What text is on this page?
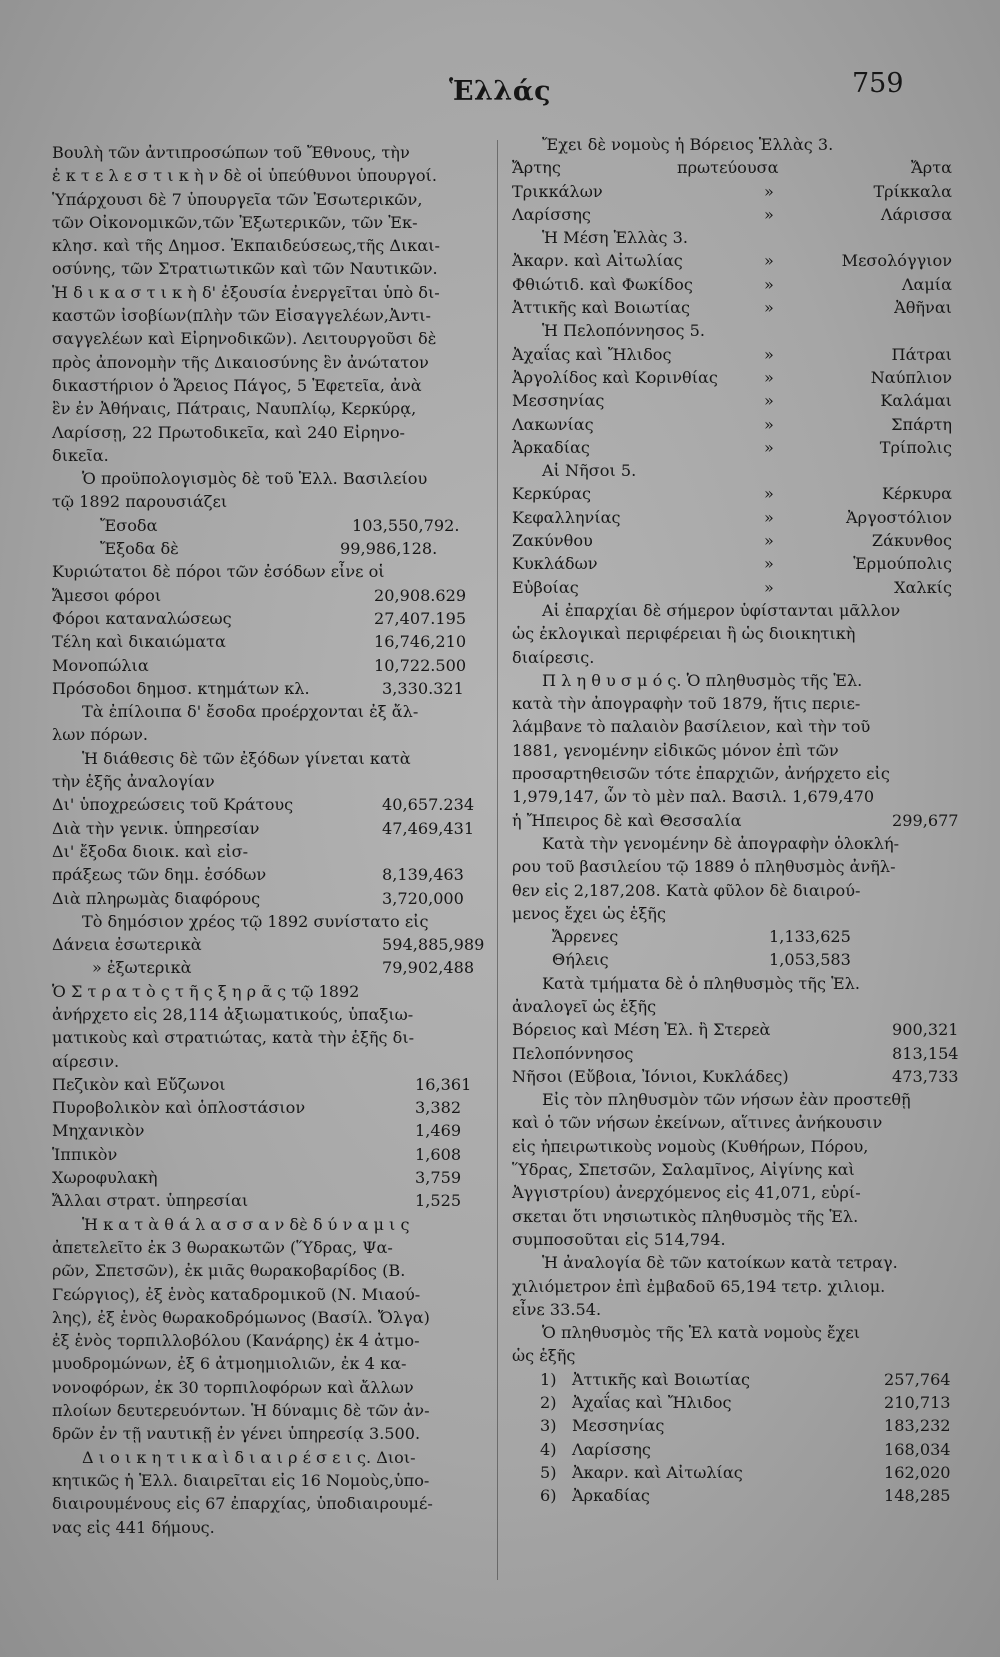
Ἑλλάς	759
Βουλὴ τῶν ἀντιπροσώπων τοῦ Ἔθνους, τὴν
ἐ κ τ ε λ ε σ τ ι κ ὴ ν δὲ οἱ ὑπεύθυνοι ὑπουργοί.
Ὑπάρχουσι δὲ 7 ὑπουργεῖα τῶν Ἐσωτερικῶν,
τῶν Οἰκονομικῶν,τῶν Ἐξωτερικῶν, τῶν Ἐκ-
κλησ. καὶ τῆς Δημοσ. Ἐκπαιδεύσεως,τῆς Δικαι-
οσύνης, τῶν Στρατιωτικῶν καὶ τῶν Ναυτικῶν.
Ἡ δ ι κ α σ τ ι κ ὴ δ' ἐξουσία ἐνεργεῖται ὑπὸ δι-
καστῶν ἰσοβίων(πλὴν τῶν Εἰσαγγελέων,Ἀντι-
σαγγελέων καὶ Εἰρηνοδικῶν). Λειτουργοῦσι δὲ
πρὸς ἀπονομὴν τῆς Δικαιοσύνης ἓν ἀνώτατον
δικαστήριον ὁ Ἄρειος Πάγος, 5 Ἐφετεῖα, ἀνὰ
ἓν ἐν Ἀθήναις, Πάτραις, Ναυπλίῳ, Κερκύρᾳ,
Λαρίσσῃ, 22 Πρωτοδικεῖα, καὶ 240 Εἰρηνο-
δικεῖα.
Ὁ προϋπολογισμὸς δὲ τοῦ Ἑλλ. Βασιλείου
τῷ 1892 παρουσιάζει
Ἔσοδα	103,550,792.
Ἔξοδα δὲ	99,986,128.
Κυριώτατοι δὲ πόροι τῶν ἐσόδων εἶνε οἱ
Ἄμεσοι φόροι	20,908.629
Φόροι καταναλώσεως	27,407.195
Τέλη καὶ δικαιώματα	16,746,210
Μονοπώλια	10,722.500
Πρόσοδοι δημοσ. κτημάτων κλ.	3,330.321
Τὰ ἐπίλοιπα δ' ἔσοδα προέρχονται ἐξ ἄλ-
λων πόρων.
Ἡ διάθεσις δὲ τῶν ἐξόδων γίνεται κατὰ
τὴν ἑξῆς ἀναλογίαν
Δι' ὑποχρεώσεις τοῦ Κράτους	40,657.234
Διὰ τὴν γενικ. ὑπηρεσίαν	47,469,431
Δι' ἔξοδα διοικ. καὶ εἰσ-
πράξεως τῶν δημ. ἐσόδων	8,139,463
Διὰ πληρωμὰς διαφόρους	3,720,000
Τὸ δημόσιον χρέος τῷ 1892 συνίστατο εἰς
Δάνεια ἐσωτερικὰ	594,885,989
» ἐξωτερικὰ	79,902,488
Ὁ Σ τ ρ α τ ὸ ς τ ῆ ς ξ η ρ ᾶ ς τῷ 1892
ἀνήρχετο εἰς 28,114 ἀξιωματικούς, ὑπαξιω-
ματικοὺς καὶ στρατιώτας, κατὰ τὴν ἑξῆς δι-
αίρεσιν.
Πεζικὸν καὶ Εὔζωνοι	16,361
Πυροβολικὸν καὶ ὁπλοστάσιον	3,382
Μηχανικὸν	1,469
Ἱππικὸν	1,608
Χωροφυλακὴ	3,759
Ἄλλαι στρατ. ὑπηρεσίαι	1,525
Ἡ κ α τ ὰ θ ά λ α σ σ α ν δὲ δ ύ ν α μ ι ς
ἀπετελεῖτο ἐκ 3 θωρακωτῶν (Ὕδρας, Ψα-
ρῶν, Σπετσῶν), ἐκ μιᾶς θωρακοβαρίδος (Β.
Γεώργιος), ἐξ ἑνὸς καταδρομικοῦ (Ν. Μιαού-
λης), ἐξ ἑνὸς θωρακοδρόμωνος (Βασίλ. Ὄλγα)
ἐξ ἑνὸς τορπιλλοβόλου (Κανάρης) ἐκ 4 ἀτμο-
μυοδρομώνων, ἐξ 6 ἀτμοημιολιῶν, ἐκ 4 κα-
νονοφόρων, ἐκ 30 τορπιλοφόρων καὶ ἄλλων
πλοίων δευτερευόντων. Ἡ δύναμις δὲ τῶν ἀν-
δρῶν ἐν τῇ ναυτικῇ ἐν γένει ὑπηρεσίᾳ 3.500.
Δ ι ο ι κ η τ ι κ α ὶ δ ι α ι ρ έ σ ε ι ς. Διοι-
κητικῶς ἡ Ἑλλ. διαιρεῖται εἰς 16 Νομοὺς,ὑπο-
διαιρουμένους εἰς 67 ἐπαρχίας, ὑποδιαιρουμέ-
νας εἰς 441 δήμους.
Ἔχει δὲ νομοὺς ἡ Βόρειος Ἑλλὰς 3.
Ἄρτης	πρωτεύουσα	Ἄρτα
Τρικκάλων	»	Τρίκκαλα
Λαρίσσης	»	Λάρισσα
Ἡ Μέση Ἑλλὰς 3.
Ἀκαρν. καὶ Αἰτωλίας	»	Μεσολόγγιον
Φθιώτιδ. καὶ Φωκίδος	»	Λαμία
Ἀττικῆς καὶ Βοιωτίας	»	Ἀθῆναι
Ἡ Πελοπόννησος 5.
Ἀχαΐας καὶ Ἤλιδος	»	Πάτραι
Ἀργολίδος καὶ Κορινθίας	»	Ναύπλιον
Μεσσηνίας	»	Καλάμαι
Λακωνίας	»	Σπάρτη
Ἀρκαδίας	»	Τρίπολις
Αἱ Νῆσοι 5.
Κερκύρας	»	Κέρκυρα
Κεφαλληνίας	»	Ἀργοστόλιον
Ζακύνθου	»	Ζάκυνθος
Κυκλάδων	»	Ἑρμούπολις
Εὐβοίας	»	Χαλκίς
Αἱ ἐπαρχίαι δὲ σήμερον ὑφίστανται μᾶλλον
ὡς ἐκλογικαὶ περιφέρειαι ἢ ὡς διοικητικὴ
διαίρεσις.
Π λ η θ υ σ μ ό ς. Ὁ πληθυσμὸς τῆς Ἑλ.
κατὰ τὴν ἀπογραφὴν τοῦ 1879, ἥτις περιε-
λάμβανε τὸ παλαιὸν βασίλειον, καὶ τὴν τοῦ
1881, γενομένην εἰδικῶς μόνον ἐπὶ τῶν
προσαρτηθεισῶν τότε ἐπαρχιῶν, ἀνήρχετο εἰς
1,979,147, ὧν τὸ μὲν παλ. Βασιλ. 1,679,470
ἡ Ἤπειρος δὲ καὶ Θεσσαλία	299,677
Κατὰ τὴν γενομένην δὲ ἀπογραφὴν ὁλοκλή-
ρου τοῦ βασιλείου τῷ 1889 ὁ πληθυσμὸς ἀνῆλ-
θεν εἰς 2,187,208. Κατὰ φῦλον δὲ διαιρού-
μενος ἔχει ὡς ἑξῆς
Ἄρρενες	1,133,625
Θήλεις	1,053,583
Κατὰ τμήματα δὲ ὁ πληθυσμὸς τῆς Ἑλ.
ἀναλογεῖ ὡς ἑξῆς
Βόρειος καὶ Μέση Ἑλ. ἢ Στερεὰ	900,321
Πελοπόννησος	813,154
Νῆσοι (Εὔβοια, Ἰόνιοι, Κυκλάδες)	473,733
Εἰς τὸν πληθυσμὸν τῶν νήσων ἐὰν προστεθῇ
καὶ ὁ τῶν νήσων ἐκείνων, αἵτινες ἀνήκουσιν
εἰς ἠπειρωτικοὺς νομοὺς (Κυθήρων, Πόρου,
Ὕδρας, Σπετσῶν, Σαλαμῖνος, Αἰγίνης καὶ
Ἀγγιστρίου) ἀνερχόμενος εἰς 41,071, εὑρί-
σκεται ὅτι νησιωτικὸς πληθυσμὸς τῆς Ἑλ.
συμποσοῦται εἰς 514,794.
Ἡ ἀναλογία δὲ τῶν κατοίκων κατὰ τετραγ.
χιλιόμετρον ἐπὶ ἐμβαδοῦ 65,194 τετρ. χιλιομ.
εἶνε 33.54.
Ὁ πληθυσμὸς τῆς Ἑλ κατὰ νομοὺς ἔχει
ὡς ἑξῆς
1) Ἀττικῆς καὶ Βοιωτίας	257,764
2) Ἀχαΐας καὶ Ἤλιδος	210,713
3) Μεσσηνίας	183,232
4) Λαρίσσης	168,034
5) Ἀκαρν. καὶ Αἰτωλίας	162,020
6) Ἀρκαδίας	148,285
